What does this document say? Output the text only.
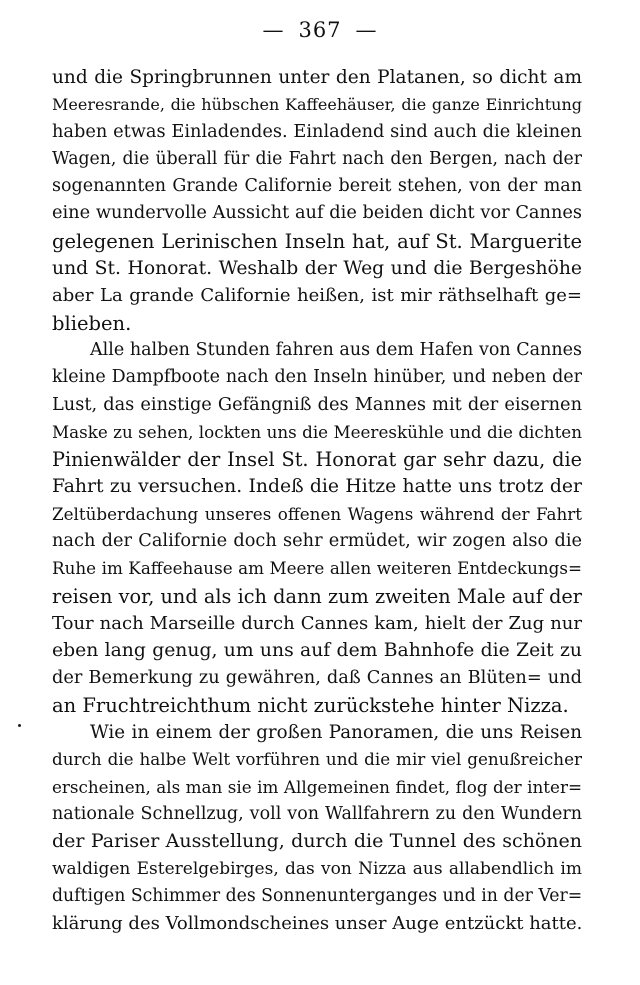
— 367 —
und die Springbrunnen unter den Platanen, so dicht am
Meeresrande, die hübschen Kaffeehäuser, die ganze Einrichtung
haben etwas Einladendes. Einladend sind auch die kleinen
Wagen, die überall für die Fahrt nach den Bergen, nach der
sogenannten Grande Californie bereit stehen, von der man
eine wundervolle Aussicht auf die beiden dicht vor Cannes
gelegenen Lerinischen Inseln hat, auf St. Marguerite
und St. Honorat. Weshalb der Weg und die Bergeshöhe
aber La grande Californie heißen, ist mir räthselhaft ge=
blieben.
Alle halben Stunden fahren aus dem Hafen von Cannes
kleine Dampfboote nach den Inseln hinüber, und neben der
Lust, das einstige Gefängniß des Mannes mit der eisernen
Maske zu sehen, lockten uns die Meereskühle und die dichten
Pinienwälder der Insel St. Honorat gar sehr dazu, die
Fahrt zu versuchen. Indeß die Hitze hatte uns trotz der
Zeltüberdachung unseres offenen Wagens während der Fahrt
nach der Californie doch sehr ermüdet, wir zogen also die
Ruhe im Kaffeehause am Meere allen weiteren Entdeckungs=
reisen vor, und als ich dann zum zweiten Male auf der
Tour nach Marseille durch Cannes kam, hielt der Zug nur
eben lang genug, um uns auf dem Bahnhofe die Zeit zu
der Bemerkung zu gewähren, daß Cannes an Blüten= und
an Fruchtreichthum nicht zurückstehe hinter Nizza.
Wie in einem der großen Panoramen, die uns Reisen
durch die halbe Welt vorführen und die mir viel genußreicher
erscheinen, als man sie im Allgemeinen findet, flog der inter=
nationale Schnellzug, voll von Wallfahrern zu den Wundern
der Pariser Ausstellung, durch die Tunnel des schönen
waldigen Esterelgebirges, das von Nizza aus allabendlich im
duftigen Schimmer des Sonnenunterganges und in der Ver=
klärung des Vollmondscheines unser Auge entzückt hatte.
